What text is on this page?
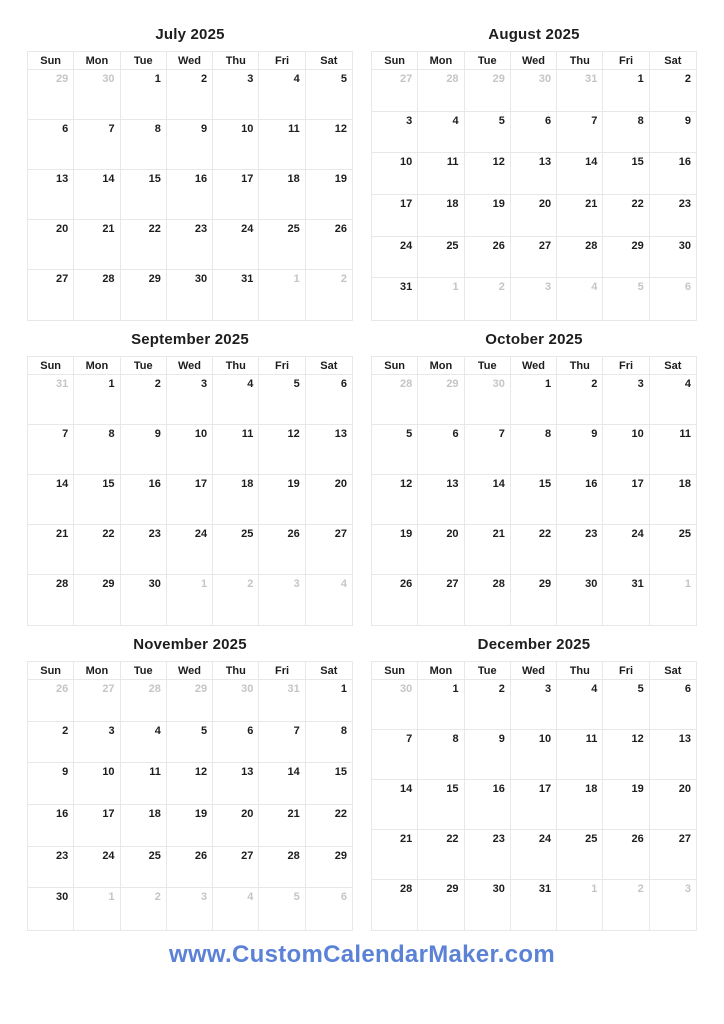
July 2025
Sun	Mon	Tue	Wed	Thu	Fri	Sat
29	30	1	2	3	4	5
6	7	8	9	10	11	12
13	14	15	16	17	18	19
20	21	22	23	24	25	26
27	28	29	30	31	1	2
August 2025
Sun	Mon	Tue	Wed	Thu	Fri	Sat
27	28	29	30	31	1	2
3	4	5	6	7	8	9
10	11	12	13	14	15	16
17	18	19	20	21	22	23
24	25	26	27	28	29	30
31	1	2	3	4	5	6
September 2025
Sun	Mon	Tue	Wed	Thu	Fri	Sat
31	1	2	3	4	5	6
7	8	9	10	11	12	13
14	15	16	17	18	19	20
21	22	23	24	25	26	27
28	29	30	1	2	3	4
October 2025
Sun	Mon	Tue	Wed	Thu	Fri	Sat
28	29	30	1	2	3	4
5	6	7	8	9	10	11
12	13	14	15	16	17	18
19	20	21	22	23	24	25
26	27	28	29	30	31	1
November 2025
Sun	Mon	Tue	Wed	Thu	Fri	Sat
26	27	28	29	30	31	1
2	3	4	5	6	7	8
9	10	11	12	13	14	15
16	17	18	19	20	21	22
23	24	25	26	27	28	29
30	1	2	3	4	5	6
December 2025
Sun	Mon	Tue	Wed	Thu	Fri	Sat
30	1	2	3	4	5	6
7	8	9	10	11	12	13
14	15	16	17	18	19	20
21	22	23	24	25	26	27
28	29	30	31	1	2	3
www.CustomCalendarMaker.com
